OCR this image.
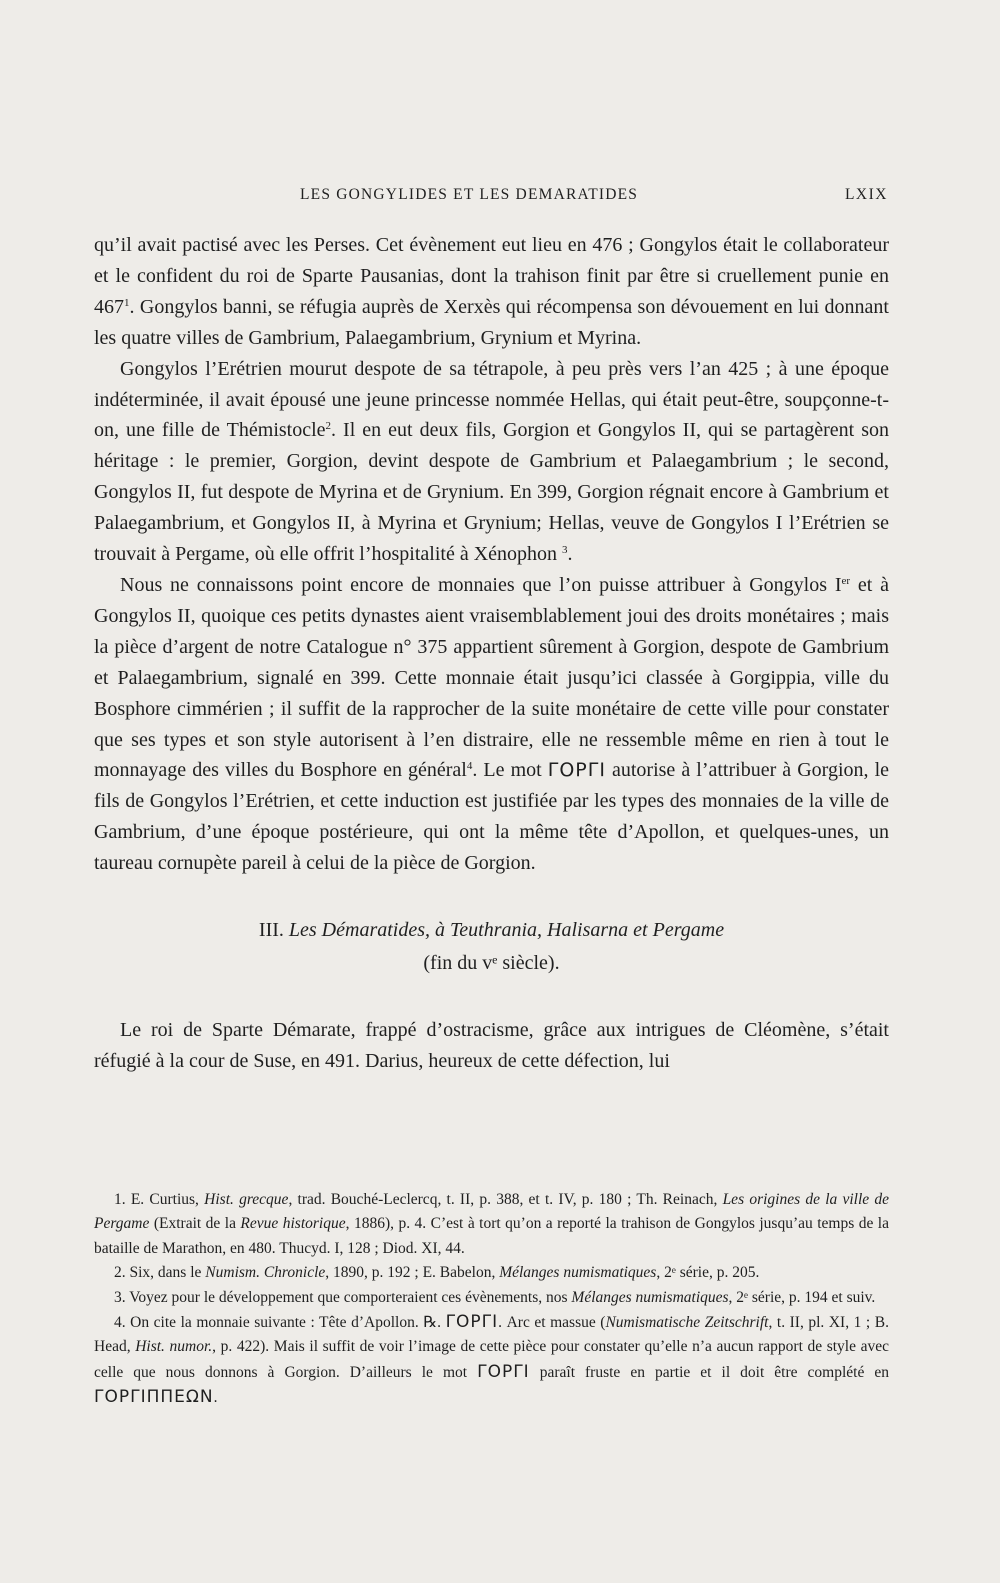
LES GONGYLIDES ET LES DEMARATIDES	LXIX

qu’il avait pactisé avec les Perses. Cet évènement eut lieu en 476 ; Gongylos était le collaborateur et le confident du roi de Sparte Pausanias, dont la trahison finit par être si cruellement punie en $467^1$. Gongylos banni, se réfugia auprès de Xerxès qui récompensa son dévouement en lui donnant les quatre villes de Gambrium, Palaegambrium, Grynium et Myrina.

Gongylos l’Erétrien mourut despote de sa tétrapole, à peu près vers l’an 425 ; à une époque indéterminée, il avait épousé une jeune princesse nommée Hellas, qui était peut-être, soupçonne-t-on, une fille de Thémistocle$^2$. Il en eut deux fils, Gorgion et Gongylos II, qui se partagèrent son héritage : le premier, Gorgion, devint despote de Gambrium et Palaegambrium ; le second, Gongylos II, fut despote de Myrina et de Grynium. En 399, Gorgion régnait encore à Gambrium et Palaegambrium, et Gongylos II, à Myrina et Grynium; Hellas, veuve de Gongylos I l’Erétrien se trouvait à Pergame, où elle offrit l’hospitalité à Xénophon $^3$.

Nous ne connaissons point encore de monnaies que l’on puisse attribuer à Gongylos Ier et à Gongylos II, quoique ces petits dynastes aient vraisemblablement joui des droits monétaires ; mais la pièce d’argent de notre Catalogue n° 375 appartient sûrement à Gorgion, despote de Gambrium et Palaegambrium, signalé en 399. Cette monnaie était jusqu’ici classée à Gorgippia, ville du Bosphore cimmérien ; il suffit de la rapprocher de la suite monétaire de cette ville pour constater que ses types et son style autorisent à l’en distraire, elle ne ressemble même en rien à tout le monnayage des villes du Bosphore en général$^4$. Le mot ΓΟΡΓΙ autorise à l’attribuer à Gorgion, le fils de Gongylos l’Erétrien, et cette induction est justifiée par les types des monnaies de la ville de Gambrium, d’une époque postérieure, qui ont la même tête d’Apollon, et quelques-unes, un taureau cornupète pareil à celui de la pièce de Gorgion.

III. Les Démaratides, à Teuthrania, Halisarna et Pergame
(fin du vᵉ siècle).

Le roi de Sparte Démarate, frappé d’ostracisme, grâce aux intrigues de Cléomène, s’était réfugié à la cour de Suse, en 491. Darius, heureux de cette défection, lui

1. E. Curtius, Hist. grecque, trad. Bouché-Leclercq, t. II, p. 388, et t. IV, p. 180 ; Th. Reinach, Les origines de la ville de Pergame (Extrait de la Revue historique, 1886), p. 4. C’est à tort qu’on a reporté la trahison de Gongylos jusqu’au temps de la bataille de Marathon, en 480. Thucyd. I, 128 ; Diod. XI, 44.

2. Six, dans le Numism. Chronicle, 1890, p. 192 ; E. Babelon, Mélanges numismatiques, 2ᵉ série, p. 205.

3. Voyez pour le développement que comporteraient ces évènements, nos Mélanges numismatiques, 2ᵉ série, p. 194 et suiv.

4. On cite la monnaie suivante : Tête d’Apollon. ℞. ΓΟΡΓΙ. Arc et massue (Numismatische Zeitschrift, t. II, pl. XI, 1 ; B. Head, Hist. numor., p. 422). Mais il suffit de voir l’image de cette pièce pour constater qu’elle n’a aucun rapport de style avec celle que nous donnons à Gorgion. D’ailleurs le mot ΓΟΡΓΙ paraît fruste en partie et il doit être complété en ΓΟΡΓΙΠΠΕΩΝ.
